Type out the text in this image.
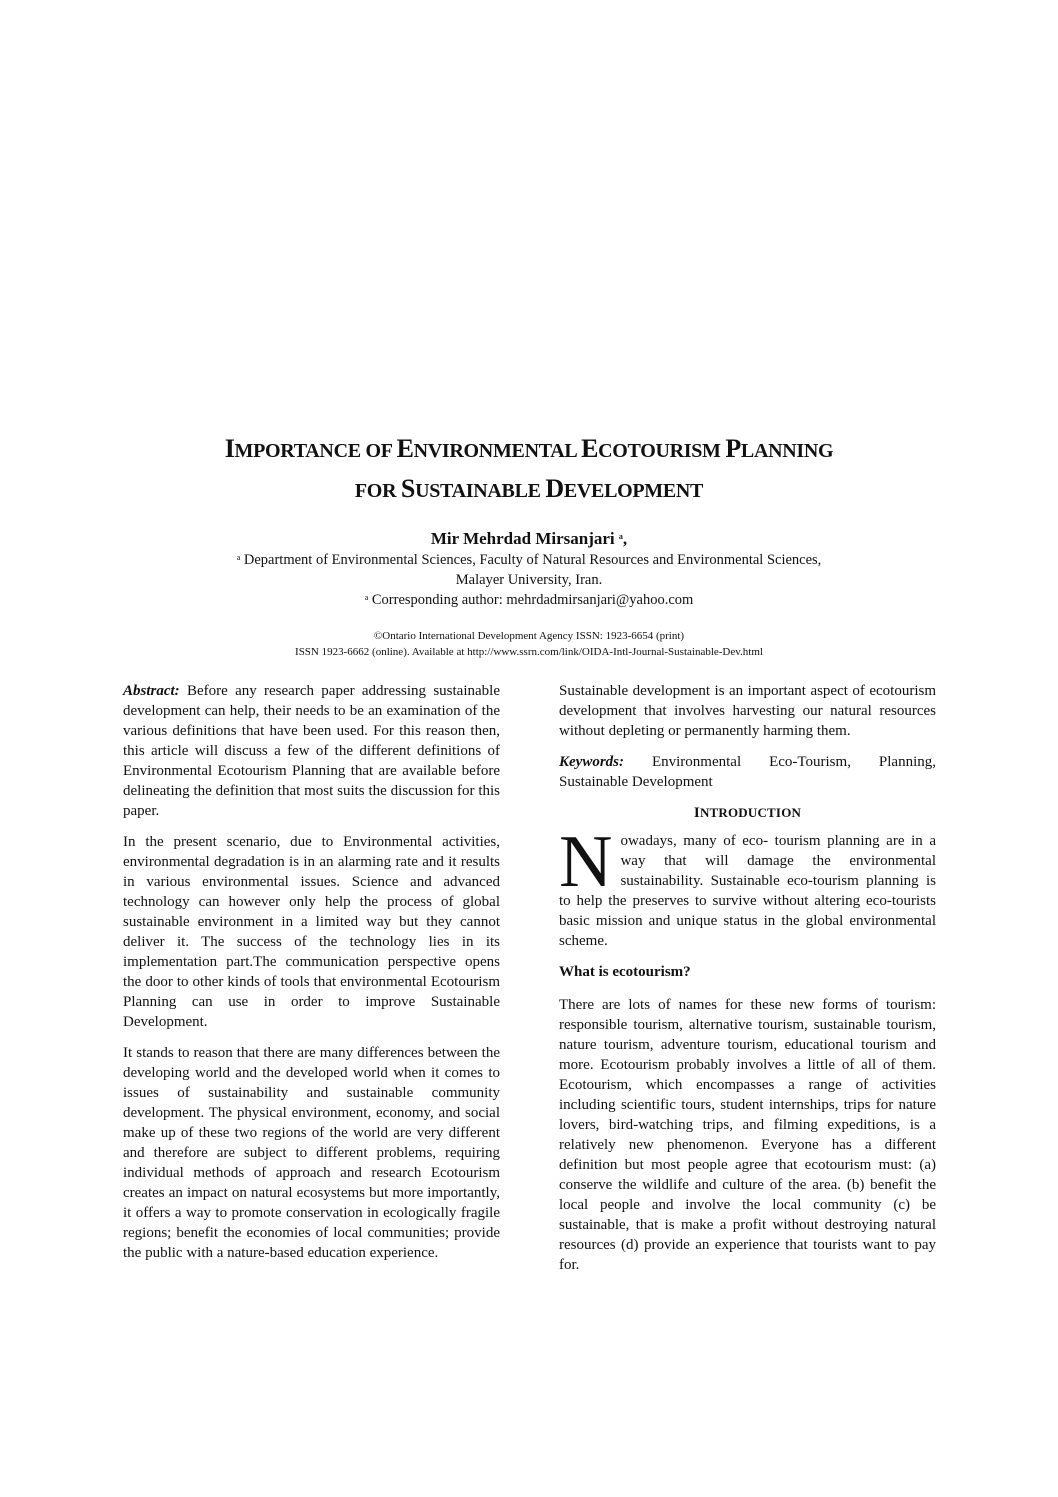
IMPORTANCE OF ENVIRONMENTAL ECOTOURISM PLANNING
FOR SUSTAINABLE DEVELOPMENT
Mir Mehrdad Mirsanjari $^a$,
$^a$ Department of Environmental Sciences, Faculty of Natural Resources and Environmental Sciences,
Malayer University, Iran.
$^a$ Corresponding author: mehrdadmirsanjari@yahoo.com
©Ontario International Development Agency ISSN: 1923-6654 (print)
ISSN 1923-6662 (online). Available at http://www.ssrn.com/link/OIDA-Intl-Journal-Sustainable-Dev.html

Abstract: Before any research paper addressing sustainable development can help, their needs to be an examination of the various definitions that have been used. For this reason then, this article will discuss a few of the different definitions of Environmental Ecotourism Planning that are available before delineating the definition that most suits the discussion for this paper.

In the present scenario, due to Environmental activities, environmental degradation is in an alarming rate and it results in various environmental issues. Science and advanced technology can however only help the process of global sustainable environment in a limited way but they cannot deliver it. The success of the technology lies in its implementation part.The communication perspective opens the door to other kinds of tools that environmental Ecotourism Planning can use in order to improve Sustainable Development.

It stands to reason that there are many differences between the developing world and the developed world when it comes to issues of sustainability and sustainable community development. The physical environment, economy, and social make up of these two regions of the world are very different and therefore are subject to different problems, requiring individual methods of approach and research Ecotourism creates an impact on natural ecosystems but more importantly, it offers a way to promote conservation in ecologically fragile regions; benefit the economies of local communities; provide the public with a nature-based education experience.

Sustainable development is an important aspect of ecotourism development that involves harvesting our natural resources without depleting or permanently harming them.

Keywords: Environmental Eco-Tourism, Planning, Sustainable Development

INTRODUCTION

Nowadays, many of eco- tourism planning are in a way that will damage the environmental sustainability. Sustainable eco-tourism planning is to help the preserves to survive without altering eco-tourists basic mission and unique status in the global environmental scheme.

What is ecotourism?

There are lots of names for these new forms of tourism: responsible tourism, alternative tourism, sustainable tourism, nature tourism, adventure tourism, educational tourism and more. Ecotourism probably involves a little of all of them. Ecotourism, which encompasses a range of activities including scientific tours, student internships, trips for nature lovers, bird-watching trips, and filming expeditions, is a relatively new phenomenon. Everyone has a different definition but most people agree that ecotourism must: (a) conserve the wildlife and culture of the area. (b) benefit the local people and involve the local community (c) be sustainable, that is make a profit without destroying natural resources (d) provide an experience that tourists want to pay for.
